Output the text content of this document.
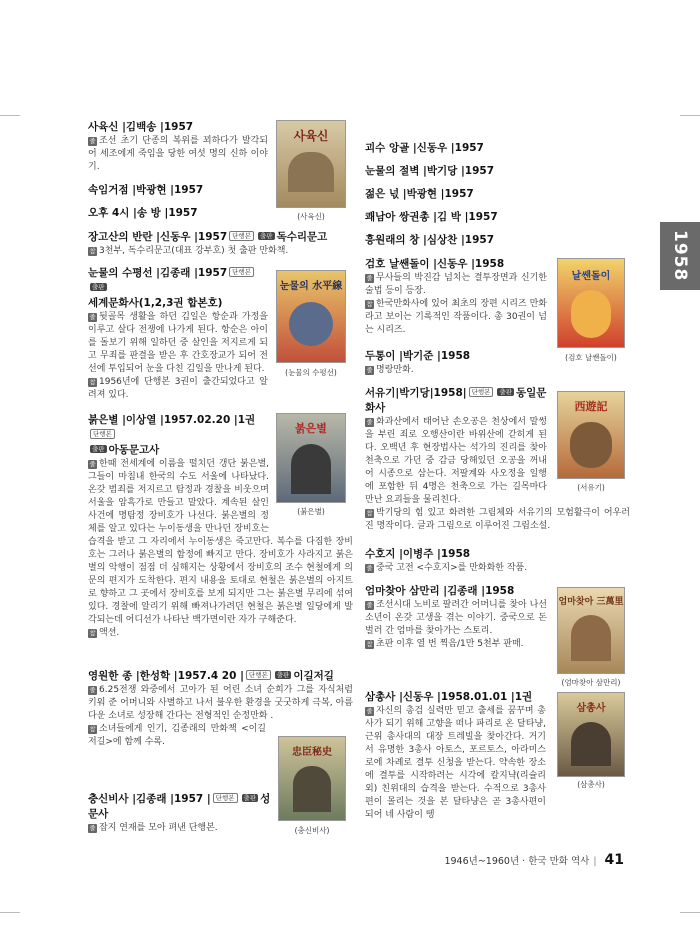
1958
사육신 |김백송 |1957
줄 조선 초기 단종의 복위를 꾀하다가 발각되어 세조에게 죽임을 당한 여섯 명의 신하 이야기.
사육신
(사육신)
속임거점 |박광현 |1957
오후 4시 |송 방 |1957
장고산의 반란 |신동우 |1957 단행본 출판 독수리문고
참 3천부, 독수리문고(대표 강부호) 첫 출판 만화책.
눈물의 수평선 |김종래 |1957 단행본출판
세계문화사(1,2,3권 합본호)
줄 뒷골목 생활을 하던 김일은 항순과 가정을 이루고 살다 전쟁에 나가게 된다. 항순은 아이를 돌보기 위해 일하던 중 살인을 저지르게 되고 무죄를 판결을 받은 후 간호장교가 되어 전선에 투입되어 눈을 다친 김일을 만나게 된다.
참 1956년에 단행본 3권이 출간되었다고 알려져 있다.
눈물의 水平線
(눈물의 수평선)
붉은별 |이상열 |1957.02.20 |1권단행본
출판 아동문고사
줄 한때 전세계에 이름을 떨치던 갱단 붉은별, 그들이 마침내 한국의 수도 서울에 나타났다. 온갖 범죄를 저지르고 탐정과 경찰을 비웃으며 서울을 암흑가로 만들고 말았다. 계속된 살인 사건에 명탐정 장비호가 나선다. 붉은별의 정체를 알고 있다는 누이동생을 만나던 장비호는 습격을 받고 그 자리에서 누이동생은 죽고만다. 복수를 다짐한 장비호는 그러나 붉은별의 함정에 빠지고 만다. 장비호가 사라지고 붉은별의 악행이 점점 더 심해지는 상황에서 장비호의 조수 현철에게 의문의 편지가 도착한다. 편지 내용을 토대로 현철은 붉은별의 아지트로 향하고 그 곳에서 장비호를 보게 되지만 그는 붉은별 무리에 섞여있다. 경찰에 알리기 위해 빠져나가려던 현철은 붉은별 일당에게 발각되는데 어디선가 나타난 백가면이란 자가 구해준다.
참 액션.
붉은별
(붉은별)
영원한 종 |한성학 |1957.4 20 | 단행본 출판 이길저길
줄 6.25전쟁 와중에서 고아가 된 어린 소녀 순희가 그를 자식처럼 키워 준 어머니와 사별하고 나서 불우한 환경을 굿굿하게 극복, 아름다운 소녀로 성장해 간다는 전형적인 순정만화 .
참 소녀들에게 인기, 김종래의 만화책 <이길 저길>에 함께 수록.
忠臣秘史
(충신비사)
충신비사 |김종래 |1957 | 단행본 출판 성문사
줄 잡지 연재를 모아 펴낸 단행본.
괴수 앙골 |신동우 |1957
눈물의 절벽 |박기당 |1957
젊은 넋 |박광현 |1957
쾌남아 쌍권총 |김 박 |1957
흥원래의 창 |심상찬 |1957
검호 날쌘돌이 |신동우 |1958
줄 무사들의 박진감 넘치는 결투장면과 신기한 술법 등이 등장.
참 한국만화사에 있어 최초의 장편 시리즈 만화라고 보이는 기록적인 작품이다. 총 30권이 넘는 시리즈.
날쌘돌이
(검호 날쌘돌이)
두통이 |박기준 |1958
줄 명랑만화.
서유기|박기당|1958| 단행본 출판 동일문화사
줄 화과산에서 태어난 손오공은 천상에서 말썽을 부린 죄로 오행산이란 바위산에 갇히게 된다. 오백년 후 현장법사는 석가의 진리를 찾아 천축으로 가던 중 감금 당해있던 오공을 꺼내어 시종으로 삼는다. 저팔계와 사오정을 일행에 포함한 뒤 4명은 천축으로 가는 길목마다 만난 요괴들을 물리친다.
참 박기당의 힘 있고 화려한 그림체와 서유기의 모험활극이 어우러진 명작이다. 글과 그림으로 이루어진 그림소설.
西遊記
(서유기)
수호지 |이병주 |1958
줄 중국 고전 <수호지>를 만화화한 작품.
엄마찾아 삼만리 |김종래 |1958
줄 조선시대 노비로 팔려간 어머니를 찾아 나선 소년이 온갖 고생을 겪는 이야기. 중국으로 돈 벌러 간 엄마를 찾아가는 스토리.
참 초판 이후 열 번 찍음/1만 5천부 판매.
엄마찾아 三萬里
(엄마찾아 삼만리)
삼총사 |신동우 |1958.01.01 |1권
줄 자신의 총검 실력만 믿고 출세를 꿈꾸며 총사가 되기 위해 고향을 떠나 파리로 온 달타냥, 근위 총사대의 대장 트레빌을 찾아간다. 거기서 유명한 3총사 아토스, 포르토스, 아라미스로에 차례로 결투 신청을 받는다. 약속한 장소에 결투를 시작하려는 시각에 칼지냑(리슐리외) 친위대의 습격을 받는다. 수적으로 3총사편이 몰리는 것을 본 달타냥은 곧 3총사편이 되어 네 사람이 뗑
삼총사
(삼총사)
1946년~1960년 · 한국 만화 역사 | 41
